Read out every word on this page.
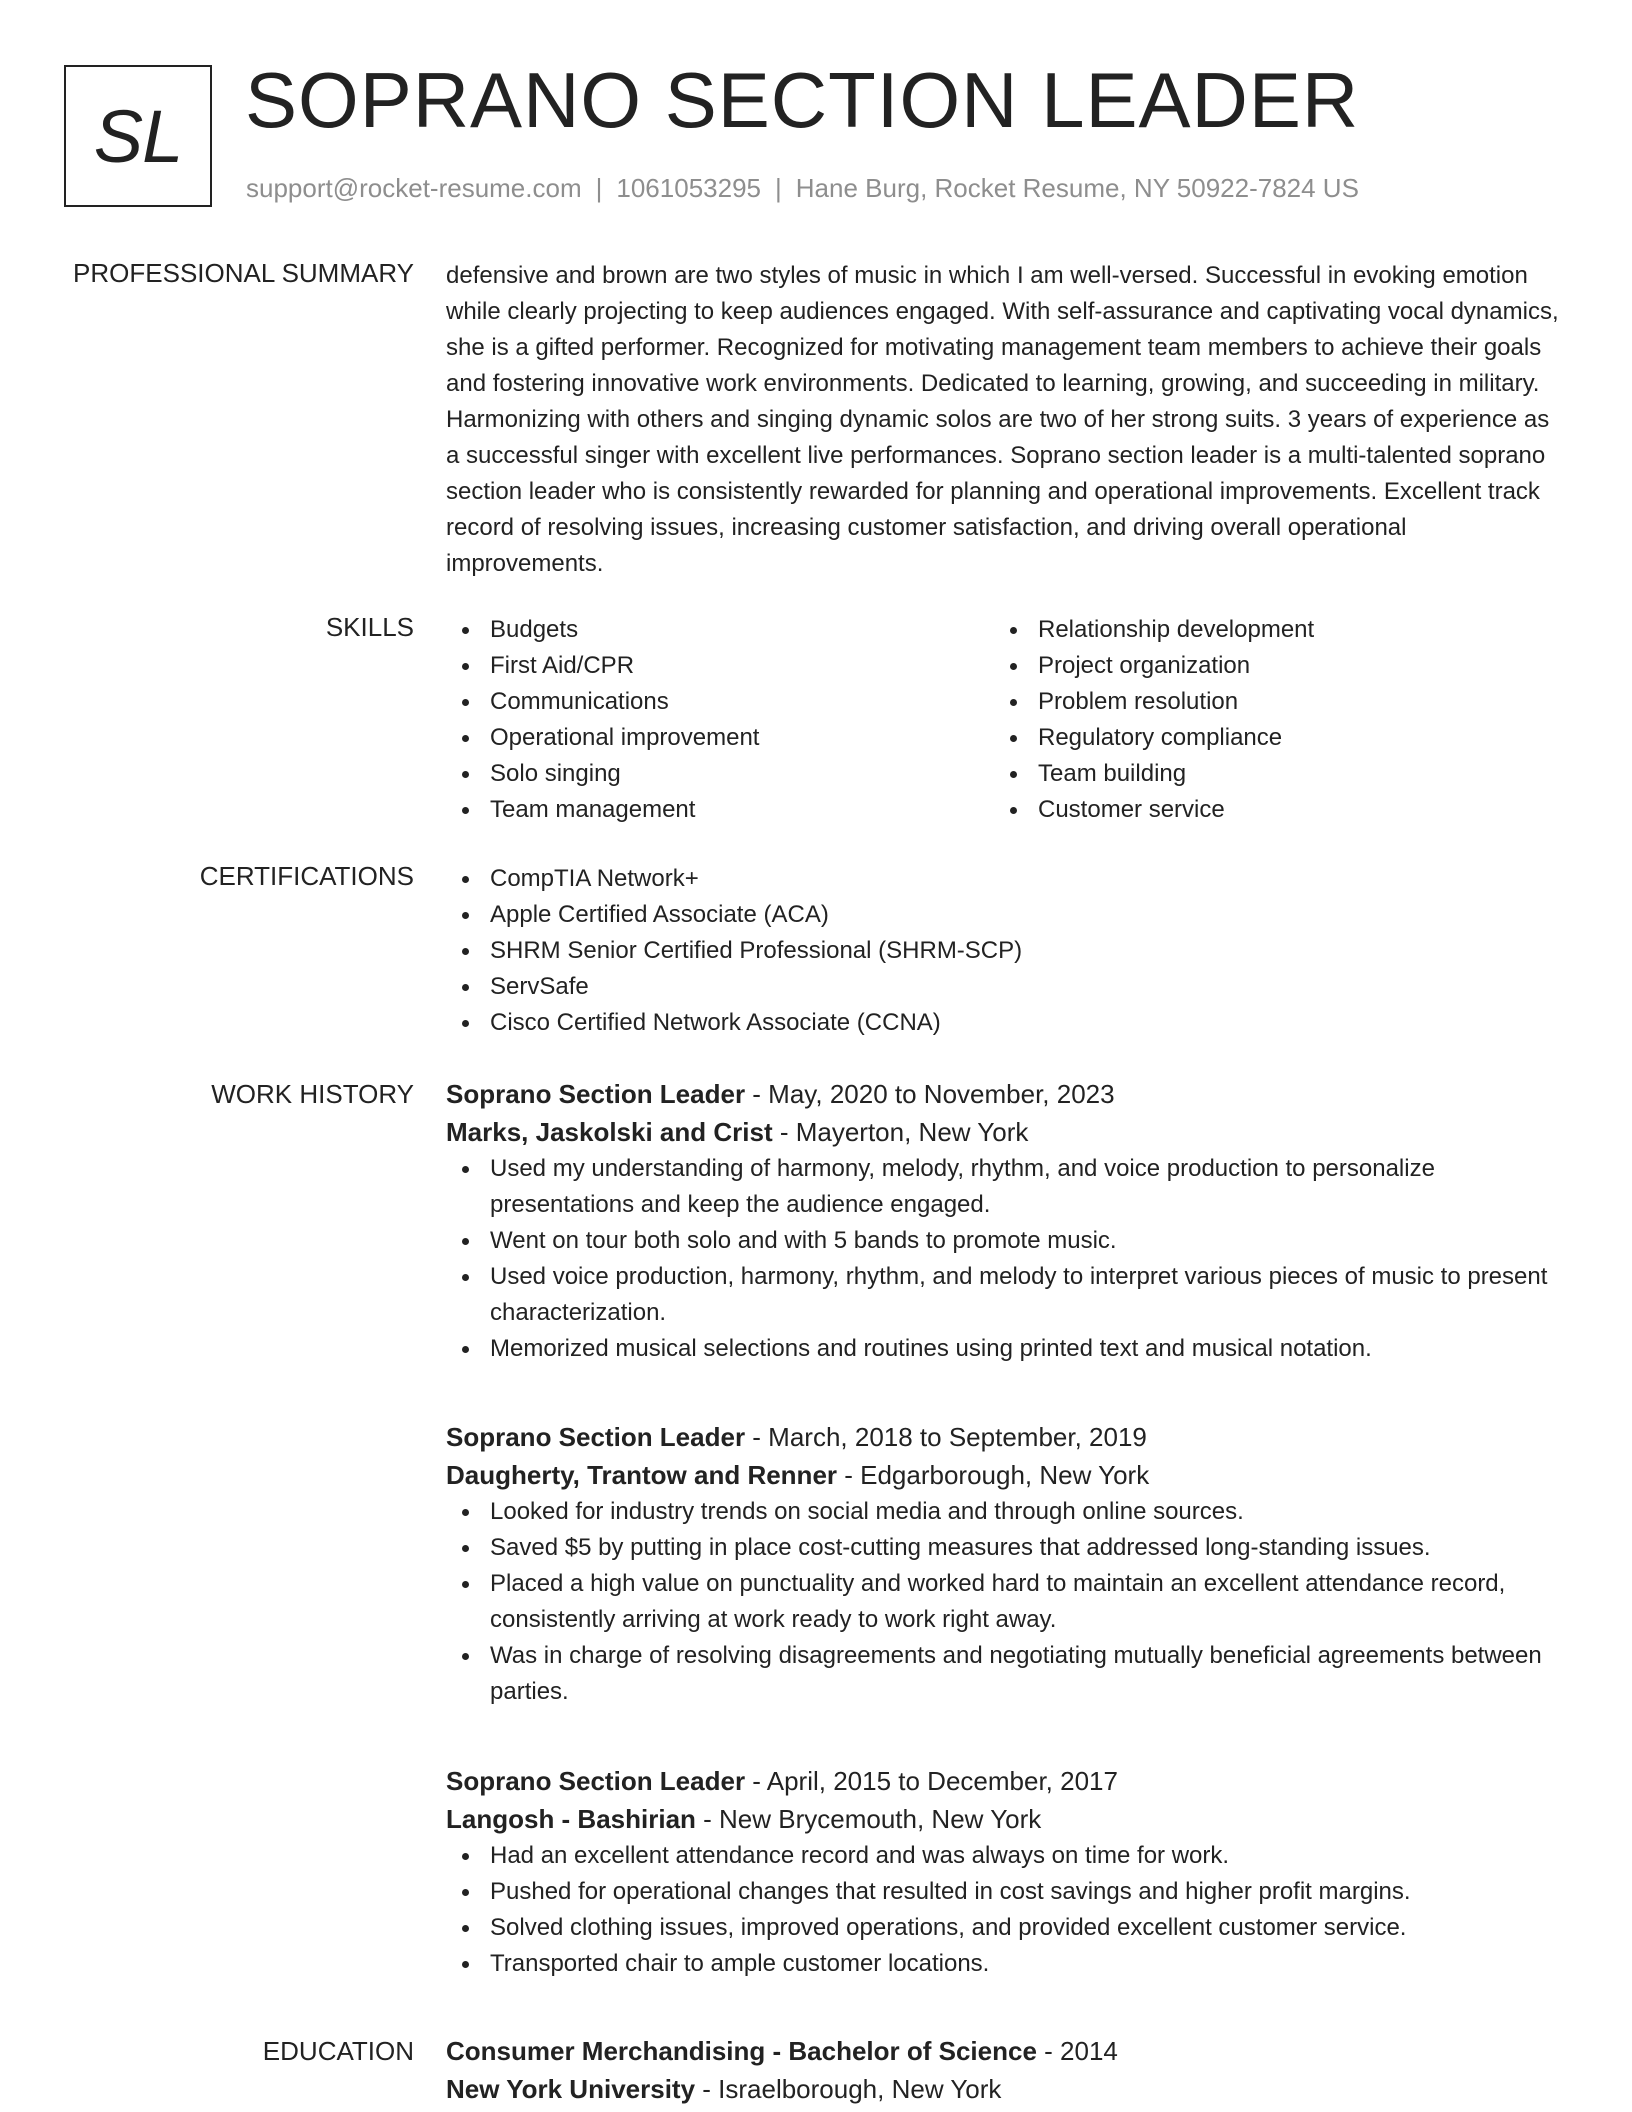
SL SOPRANO SECTION LEADER
support@rocket-resume.com | 1061053295 | Hane Burg, Rocket Resume, NY 50922-7824 US
PROFESSIONAL SUMMARY defensive and brown are two styles of music in which I am well-versed. Successful in evoking emotion while clearly projecting to keep audiences engaged. With self-assurance and captivating vocal dynamics, she is a gifted performer. Recognized for motivating management team members to achieve their goals and fostering innovative work environments. Dedicated to learning, growing, and succeeding in military. Harmonizing with others and singing dynamic solos are two of her strong suits. 3 years of experience as a successful singer with excellent live performances. Soprano section leader is a multi-talented soprano section leader who is consistently rewarded for planning and operational improvements. Excellent track record of resolving issues, increasing customer satisfaction, and driving overall operational improvements.

SKILLS	Budgets
First Aid/CPR
Communications
Operational improvement
Solo singing
Team management
Relationship development
Project organization
Problem resolution
Regulatory compliance
Team building
Customer service
CERTIFICATIONS	CompTIA Network+
Apple Certified Associate (ACA)
SHRM Senior Certified Professional (SHRM-SCP)
ServSafe
Cisco Certified Network Associate (CCNA)
WORK HISTORY Soprano Section Leader - May, 2020 to November, 2023
Marks, Jaskolski and Crist - Mayerton, New York
Used my understanding of harmony, melody, rhythm, and voice production to personalize presentations and keep the audience engaged.
Went on tour both solo and with 5 bands to promote music.
Used voice production, harmony, rhythm, and melody to interpret various pieces of music to present characterization.
Memorized musical selections and routines using printed text and musical notation.
Soprano Section Leader - March, 2018 to September, 2019
Daugherty, Trantow and Renner - Edgarborough, New York
Looked for industry trends on social media and through online sources.
Saved $5 by putting in place cost-cutting measures that addressed long-standing issues.
Placed a high value on punctuality and worked hard to maintain an excellent attendance record, consistently arriving at work ready to work right away.
Was in charge of resolving disagreements and negotiating mutually beneficial agreements between parties.
Soprano Section Leader - April, 2015 to December, 2017
Langosh - Bashirian - New Brycemouth, New York
Had an excellent attendance record and was always on time for work.
Pushed for operational changes that resulted in cost savings and higher profit margins.
Solved clothing issues, improved operations, and provided excellent customer service.
Transported chair to ample customer locations.
EDUCATION Consumer Merchandising - Bachelor of Science - 2014
New York University - Israelborough, New York
